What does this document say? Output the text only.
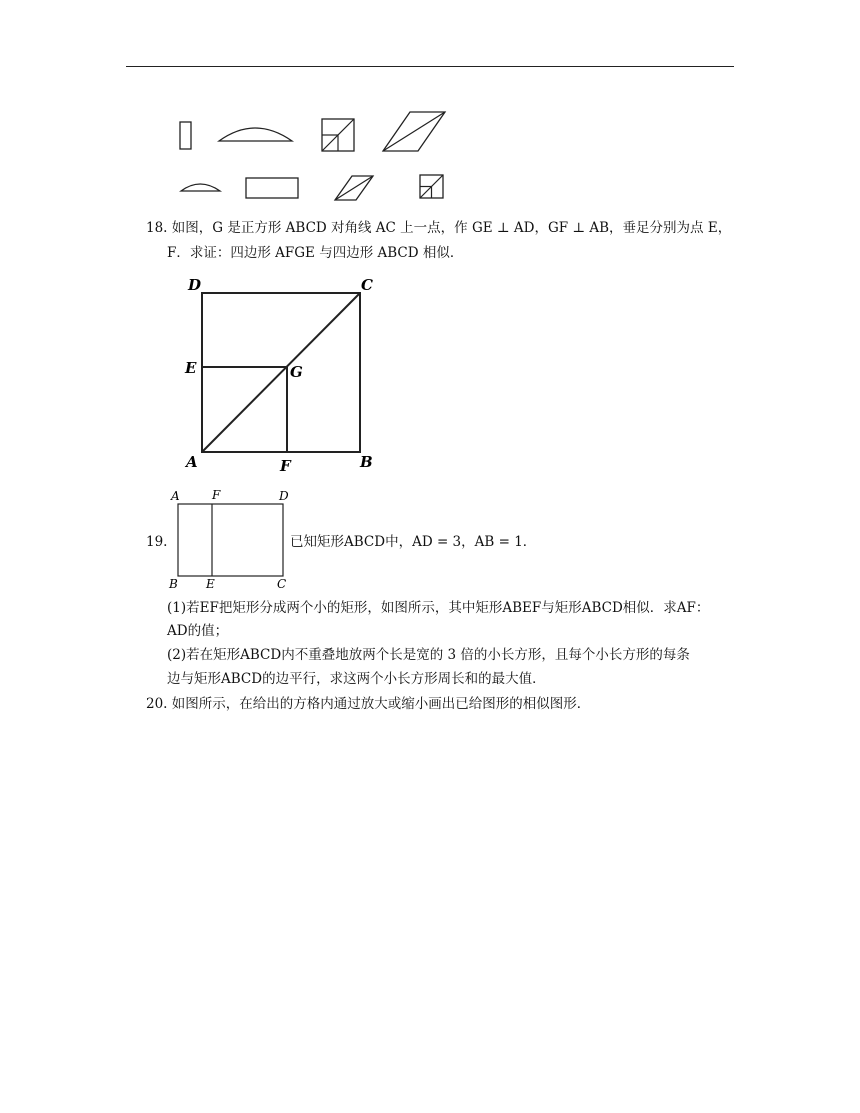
18. 如图，G 是正方形 ABCD 对角线 AC 上一点，作 GE ⊥ AD，GF ⊥ AB，垂足分别为点 E，
F．求证：四边形 AFGE 与四边形 ABCD 相似．
D	C
E	G
A	F	B
19.
A	F	D
B E	C
已知矩形ABCD中，AD = 3，AB = 1．
(1)若EF把矩形分成两个小的矩形，如图所示，其中矩形ABEF与矩形ABCD相似．求AF：
AD的值；
(2)若在矩形ABCD内不重叠地放两个长是宽的 3 倍的小长方形，且每个小长方形的每条
边与矩形ABCD的边平行，求这两个小长方形周长和的最大值．
20. 如图所示，在给出的方格内通过放大或缩小画出已给图形的相似图形．
